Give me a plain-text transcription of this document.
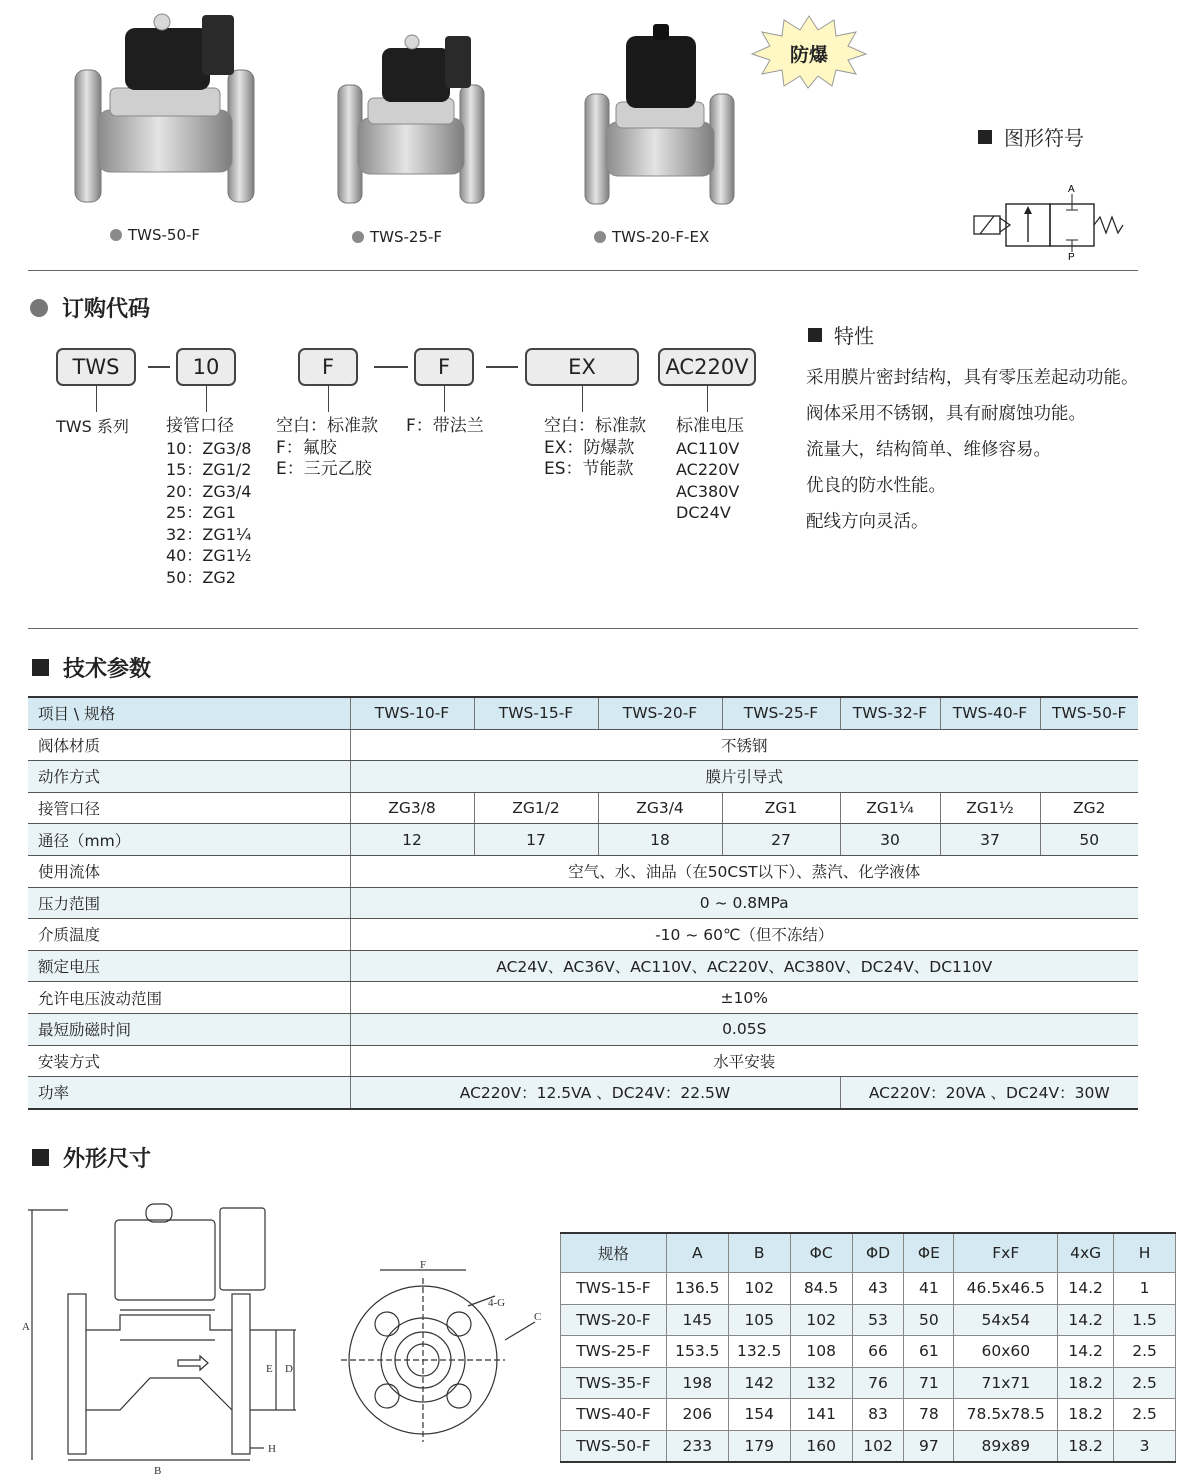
TWS-50-F	TWS-25-F	TWS-20-F-EX
防爆
图形符号
A
P
订购代码
TWS	10	F	F	EX	AC220V
TWS 系列 接管口径
10：ZG3/8
15：ZG1/2
20：ZG3/4
25：ZG1
32：ZG1¼
40：ZG1½
50：ZG2
空白：标准款
F：氟胶
E：三元乙胶
F：带法兰	空白：标准款
EX：防爆款
ES：节能款
标准电压
AC110V
AC220V
AC380V
DC24V
特性
采用膜片密封结构，具有零压差起动功能。
阀体采用不锈钢，具有耐腐蚀功能。
流量大，结构简单、维修容易。
优良的防水性能。
配线方向灵活。
技术参数
项目 \ 规格	TWS-10-F	TWS-15-F	TWS-20-F	TWS-25-F	TWS-32-F	TWS-40-F	TWS-50-F
阀体材质	不锈钢						
动作方式	膜片引导式						
接管口径	ZG3/8	ZG1/2	ZG3/4	ZG1	ZG1¼	ZG1½	ZG2
通径（mm）	12	17	18	27	30	37	50
使用流体	空气、水、油品（在50CST以下）、蒸汽、化学液体						
压力范围	0 ~ 0.8MPa						
介质温度	-10 ~ 60℃（但不冻结）						
额定电压	AC24V、AC36V、AC110V、AC220V、AC380V、DC24V、DC110V						
允许电压波动范围	±10%						
最短励磁时间	0.05S						
安装方式	水平安装						
功率	AC220V：12.5VA 、DC24V：22.5W				AC220V：20VA 、DC24V：30W		
外形尺寸
A
B
C
D
E
F
4-G
H
规格	A	B	ΦC	ΦD	ΦE	FxF	4xG	H
TWS-15-F	136.5	102	84.5	43	41	46.5x46.5	14.2	1
TWS-20-F	145	105	102	53	50	54x54	14.2	1.5
TWS-25-F	153.5	132.5	108	66	61	60x60	14.2	2.5
TWS-35-F	198	142	132	76	71	71x71	18.2	2.5
TWS-40-F	206	154	141	83	78	78.5x78.5	18.2	2.5
TWS-50-F	233	179	160	102	97	89x89	18.2	3
